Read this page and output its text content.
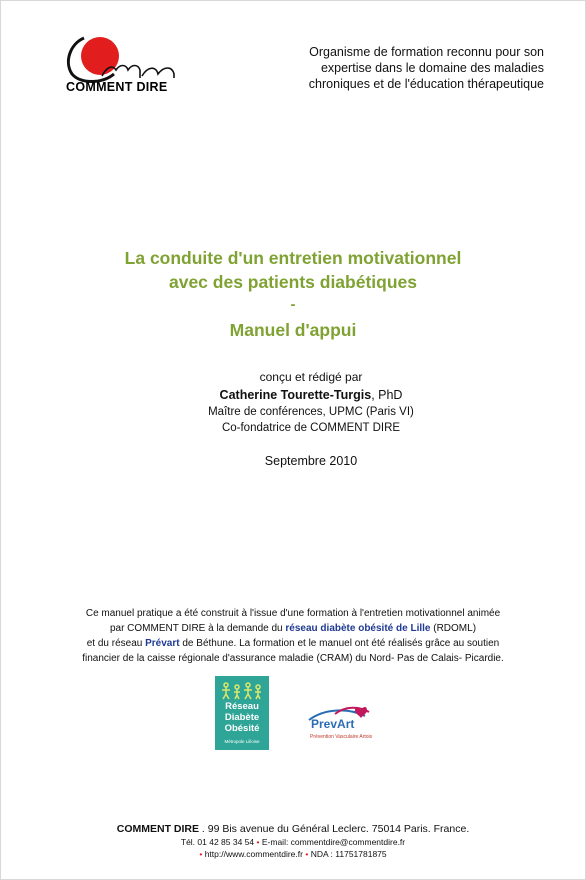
COMMENT DIRE
Organisme de formation reconnu pour son
expertise dans le domaine des maladies
chroniques et de l'éducation thérapeutique
La conduite d'un entretien motivationnel
avec des patients diabétiques
-
Manuel d'appui
conçu et rédigé par
Catherine Tourette-Turgis, PhD
Maître de conférences, UPMC (Paris VI)
Co-fondatrice de COMMENT DIRE
Septembre 2010
Ce manuel pratique a été construit à l'issue d'une formation à l'entretien motivationnel animée
par COMMENT DIRE à la demande du réseau diabète obésité de Lille (RDOML)
et du réseau Prévart de Béthune. La formation et le manuel ont été réalisés grâce au soutien
financier de la caisse régionale d'assurance maladie (CRAM) du Nord- Pas de Calais- Picardie.
Réseau
Diabète
Obésité
Métropole Lilloise
PrevArt
Prévention Vasculaire Artois
COMMENT DIRE . 99 Bis avenue du Général Leclerc. 75014 Paris. France.
Tél. 01 42 85 34 54 • E-mail: commentdire@commentdire.fr
• http://www.commentdire.fr • NDA : 11751781875
